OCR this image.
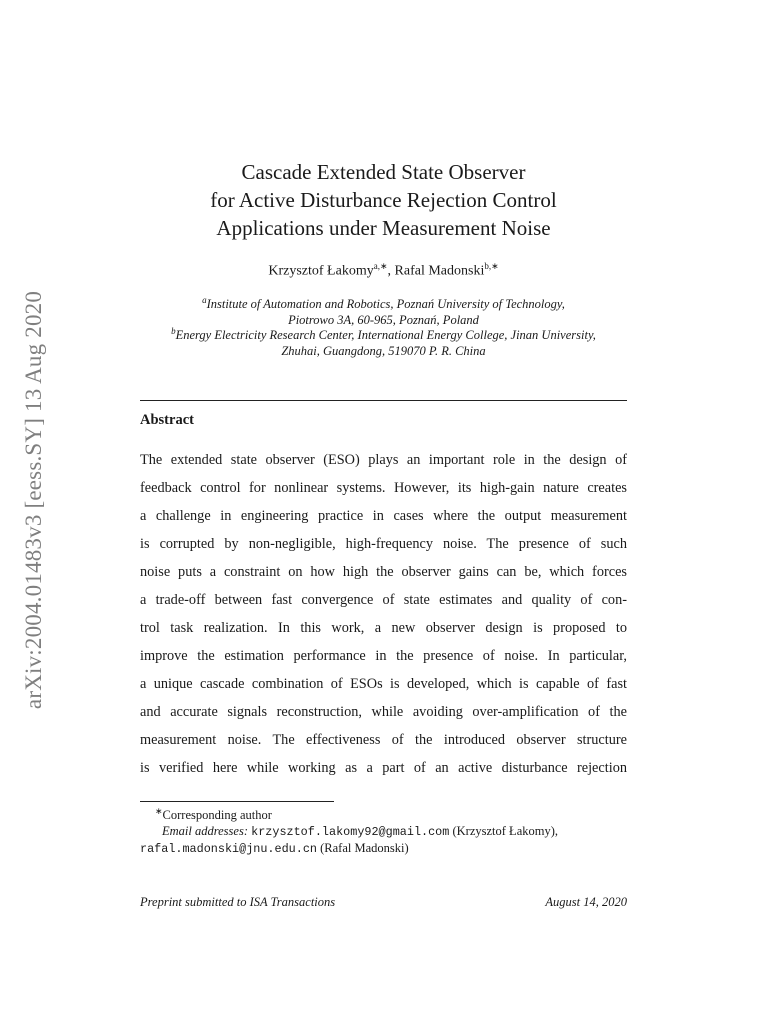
arXiv:2004.01483v3 [eess.SY] 13 Aug 2020
Cascade Extended State Observer
for Active Disturbance Rejection Control
Applications under Measurement Noise
Krzysztof Łakomy$^{a,∗}$, Rafal Madonski$^{b,∗}$
$^a$Institute of Automation and Robotics, Poznań University of Technology,
Piotrowo 3A, 60-965, Poznań, Poland
$^b$Energy Electricity Research Center, International Energy College, Jinan University,
Zhuhai, Guangdong, 519070 P. R. China
Abstract
The extended state observer (ESO) plays an important role in the design of
feedback control for nonlinear systems. However, its high-gain nature creates
a challenge in engineering practice in cases where the output measurement
is corrupted by non-negligible, high-frequency noise. The presence of such
noise puts a constraint on how high the observer gains can be, which forces
a trade-off between fast convergence of state estimates and quality of con-
trol task realization. In this work, a new observer design is proposed to
improve the estimation performance in the presence of noise. In particular,
a unique cascade combination of ESOs is developed, which is capable of fast
and accurate signals reconstruction, while avoiding over-amplification of the
measurement noise. The effectiveness of the introduced observer structure
is verified here while working as a part of an active disturbance rejection
∗Corresponding author
Email addresses: krzysztof.lakomy92@gmail.com (Krzysztof Łakomy),
rafal.madonski@jnu.edu.cn (Rafal Madonski)
Preprint submitted to ISA Transactions	August 14, 2020
